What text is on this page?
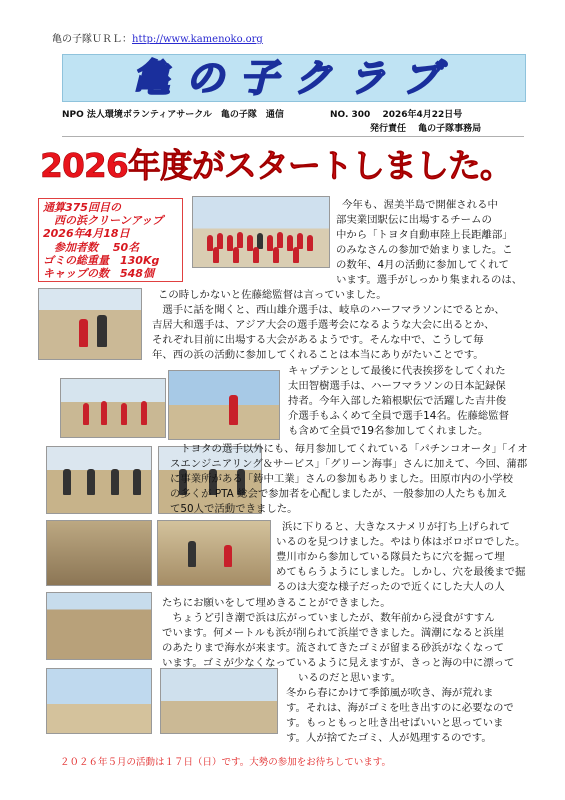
亀の子隊ＵＲＬ：http://www.kamenoko.org
亀の子クラブ
NPO 法人環境ボランティアサークル　亀の子隊　通信	NO. 300　 2026年4月22日号
発行責任　 亀の子隊事務局
2026年度がスタートしました。
通算375回目の
　西の浜クリーンアップ
2026年4月18日
　参加者数　 50名
ゴミの総重量　130Kg
キャップの数　548個
今年も、渥美半島で開催される中
部実業団駅伝に出場するチームの
中から「トヨタ自動車陸上長距離部」
のみなさんの参加で始まりました。こ
の数年、4月の活動に参加してくれて
います。選手がしっかり集まれるのは、
この時しかないと佐藤総監督は言っていました。
　選手に話を聞くと、西山雄介選手は、岐阜のハーフマラソンにでるとか、
吉居大和選手は、アジア大会の選手選考会になるような大会に出るとか、
それぞれ目前に出場する大会があるようです。そんな中で、こうして毎
年、西の浜の活動に参加してくれることは本当にありがたいことです。
キャプテンとして最後に代表挨拶をしてくれた
太田智樹選手は、ハーフマラソンの日本記録保
持者。今年入部した箱根駅伝で活躍した吉井俊
介選手もふくめて全員で選手14名。佐藤総監督
も含めて全員で19名参加してくれました。
　トヨタの選手以外にも、毎月参加してくれている「パチンコオータ」「イオ
スエンジニアリング＆サービス」「グリーン海事」さんに加えて、今回、蒲郡
に事業所がある「鋳中工業」さんの参加もありました。田原市内の小学校
の多くが PTA 総会で参加者を心配しましたが、一般参加の人たちも加え
て50人で活動できました。
浜に下りると、大きなスナメリが打ち上げられて
いるのを見つけました。やはり体はボロボロでした。
豊川市から参加している隊員たちに穴を掘って埋
めてもらうようにしました。しかし、穴を最後まで掘
るのは大変な様子だったので近くにした大人の人
たちにお願いをして埋めきることができました。
　ちょうど引き潮で浜は広がっていましたが、数年前から浸食がすすん
でいます。何メートルも浜が削られて浜崖できました。満潮になると浜崖
のあたりまで海水が来ます。流されてきたゴミが留まる砂浜がなくなって
います。ゴミが少なくなっているように見えますが、きっと海の中に漂って
いるのだと思います。
冬から春にかけて季節風が吹き、海が荒れま
す。それは、海がゴミを吐き出すのに必要なので
す。もっともっと吐き出せばいいと思っていま
す。人が捨てたゴミ、人が処理するのです。
２０２６年５月の活動は１７日（日）です。大勢の参加をお待ちしています。
